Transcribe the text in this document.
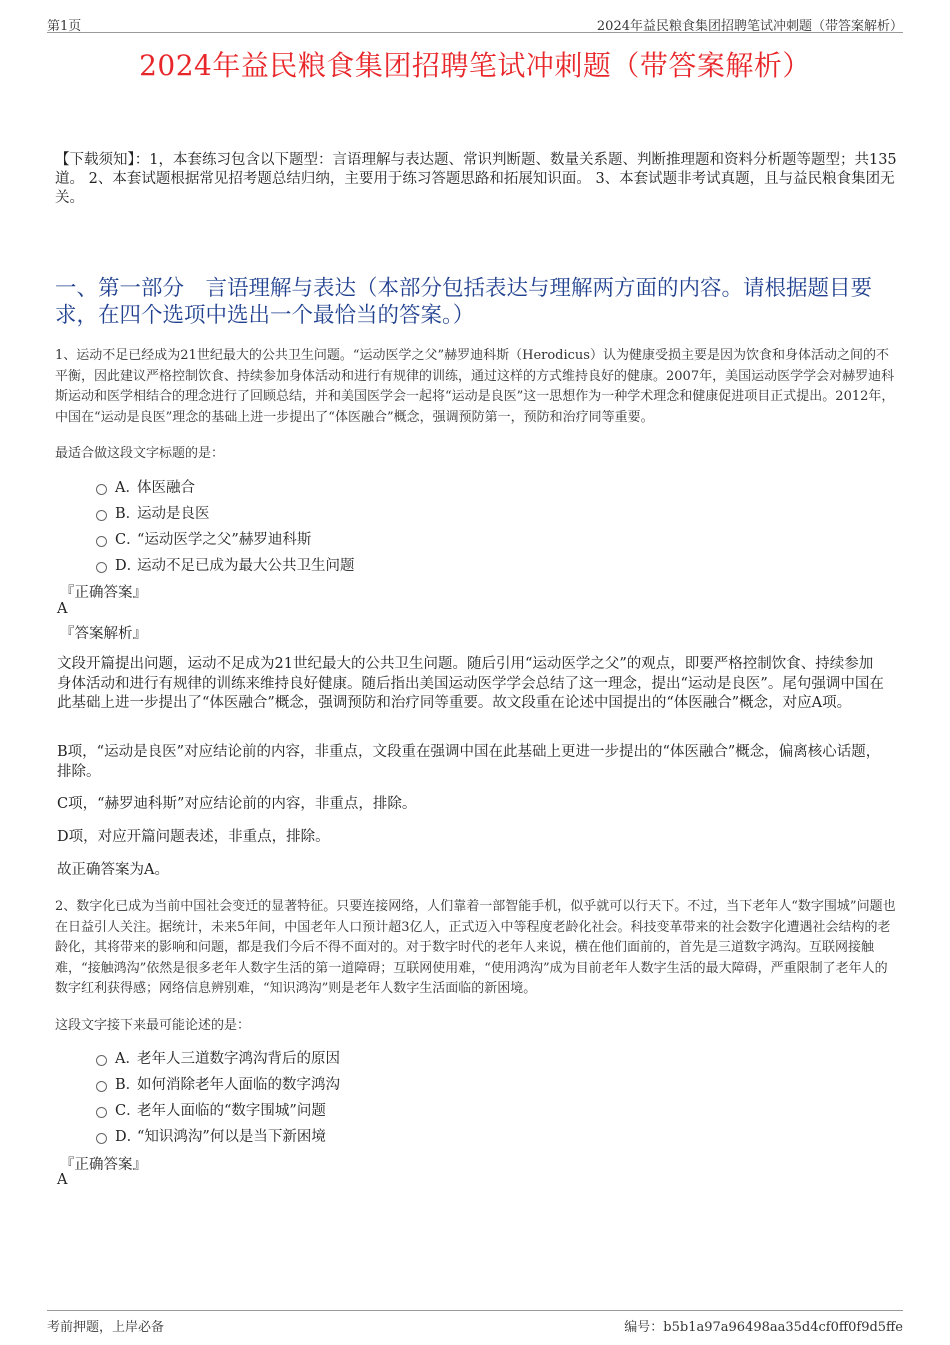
第1页	2024年益民粮食集团招聘笔试冲刺题（带答案解析）
2024年益民粮食集团招聘笔试冲刺题（带答案解析）
【下载须知】：1，本套练习包含以下题型：言语理解与表达题、常识判断题、数量关系题、判断推理题和资料分析题等题型；共135道。 2、本套试题根据常见招考题总结归纳，主要用于练习答题思路和拓展知识面。 3、本套试题非考试真题，且与益民粮食集团无关。
一、第一部分　言语理解与表达（本部分包括表达与理解两方面的内容。请根据题目要求，在四个选项中选出一个最恰当的答案。）
1、运动不足已经成为21世纪最大的公共卫生问题。“运动医学之父”赫罗迪科斯（Herodicus）认为健康受损主要是因为饮食和身体活动之间的不平衡，因此建议严格控制饮食、持续参加身体活动和进行有规律的训练，通过这样的方式维持良好的健康。2007年，美国运动医学学会对赫罗迪科斯运动和医学相结合的理念进行了回顾总结，并和美国医学会一起将“运动是良医”这一思想作为一种学术理念和健康促进项目正式提出。2012年，中国在“运动是良医”理念的基础上进一步提出了“体医融合”概念，强调预防第一，预防和治疗同等重要。
最适合做这段文字标题的是：
A．
体医融合
B．
运动是良医
C．
“运动医学之父”赫罗迪科斯
D．
运动不足已成为最大公共卫生问题
『正确答案』
A
『答案解析』
文段开篇提出问题，运动不足成为21世纪最大的公共卫生问题。随后引用“运动医学之父”的观点，即要严格控制饮食、持续参加身体活动和进行有规律的训练来维持良好健康。随后指出美国运动医学学会总结了这一理念，提出“运动是良医”。尾句强调中国在此基础上进一步提出了“体医融合”概念，强调预防和治疗同等重要。故文段重在论述中国提出的“体医融合”概念，对应A项。
B项，“运动是良医”对应结论前的内容，非重点，文段重在强调中国在此基础上更进一步提出的“体医融合”概念，偏离核心话题，排除。
C项，“赫罗迪科斯”对应结论前的内容，非重点，排除。
D项，对应开篇问题表述，非重点，排除。
故正确答案为A。
2、数字化已成为当前中国社会变迁的显著特征。只要连接网络，人们靠着一部智能手机，似乎就可以行天下。不过，当下老年人“数字围城”问题也在日益引人关注。据统计，未来5年间，中国老年人口预计超3亿人，正式迈入中等程度老龄化社会。科技变革带来的社会数字化遭遇社会结构的老龄化，其将带来的影响和问题，都是我们今后不得不面对的。对于数字时代的老年人来说，横在他们面前的，首先是三道数字鸿沟。互联网接触难，“接触鸿沟”依然是很多老年人数字生活的第一道障碍；互联网使用难，“使用鸿沟”成为目前老年人数字生活的最大障碍，严重限制了老年人的数字红利获得感；网络信息辨别难，“知识鸿沟”则是老年人数字生活面临的新困境。
这段文字接下来最可能论述的是：
A．
老年人三道数字鸿沟背后的原因
B．
如何消除老年人面临的数字鸿沟
C．
老年人面临的“数字围城”问题
D．
“知识鸿沟”何以是当下新困境
『正确答案』
A
考前押题，上岸必备	编号：b5b1a97a96498aa35d4cf0ff0f9d5ffe
